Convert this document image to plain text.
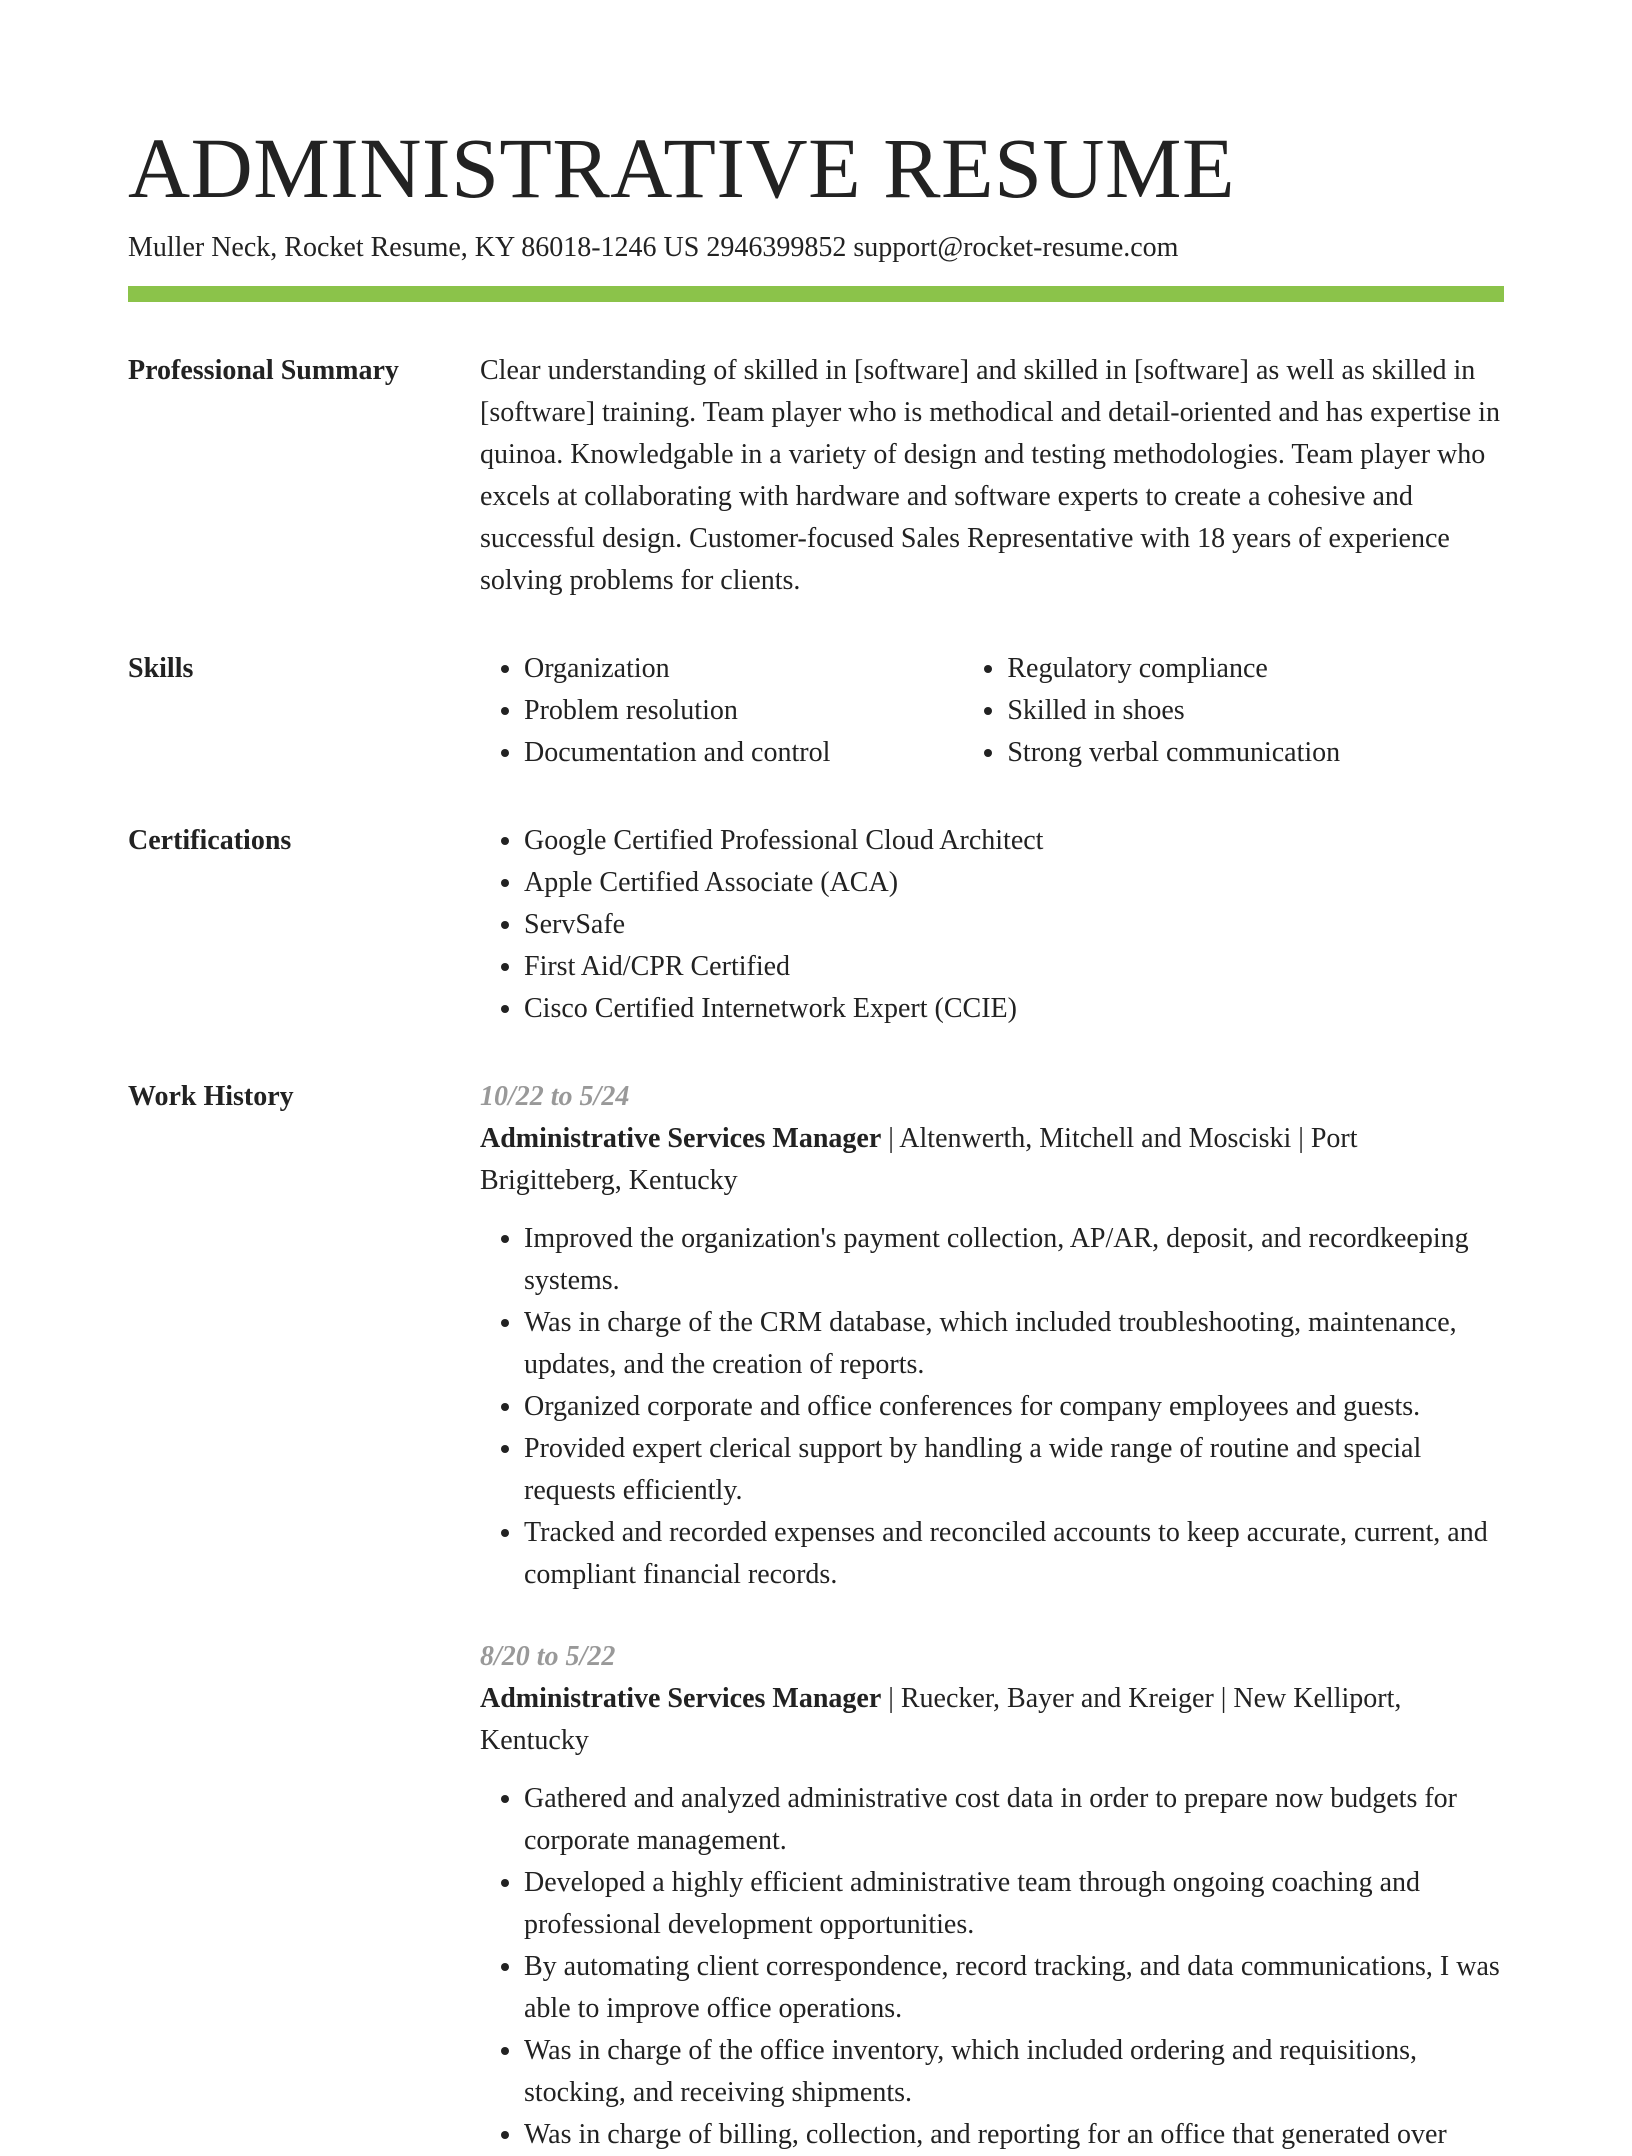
ADMINISTRATIVE RESUME
Muller Neck, Rocket Resume, KY 86018-1246 US 2946399852 support@rocket-resume.com
Professional Summary	Clear understanding of skilled in [software] and skilled in [software] as well as skilled in [software] training. Team player who is methodical and detail-oriented and has expertise in quinoa. Knowledgable in a variety of design and testing methodologies. Team player who excels at collaborating with hardware and software experts to create a cohesive and successful design. Customer-focused Sales Representative with 18 years of experience solving problems for clients.

Skills	• Organization
• Problem resolution
• Documentation and control
• Regulatory compliance
• Skilled in shoes
• Strong verbal communication
Certifications	• Google Certified Professional Cloud Architect
• Apple Certified Associate (ACA)
• ServSafe
• First Aid/CPR Certified
• Cisco Certified Internetwork Expert (CCIE)
Work History	10/22 to 5/24
Administrative Services Manager | Altenwerth, Mitchell and Mosciski | Port Brigitteberg, Kentucky
• Improved the organization's payment collection, AP/AR, deposit, and recordkeeping systems.
• Was in charge of the CRM database, which included troubleshooting, maintenance, updates, and the creation of reports.
• Organized corporate and office conferences for company employees and guests.
• Provided expert clerical support by handling a wide range of routine and special requests efficiently.
• Tracked and recorded expenses and reconciled accounts to keep accurate, current, and compliant financial records.
8/20 to 5/22
Administrative Services Manager | Ruecker, Bayer and Kreiger | New Kelliport, Kentucky
• Gathered and analyzed administrative cost data in order to prepare now budgets for corporate management.
• Developed a highly efficient administrative team through ongoing coaching and professional development opportunities.
• By automating client correspondence, record tracking, and data communications, I was able to improve office operations.
• Was in charge of the office inventory, which included ordering and requisitions, stocking, and receiving shipments.
• Was in charge of billing, collection, and reporting for an office that generated over
